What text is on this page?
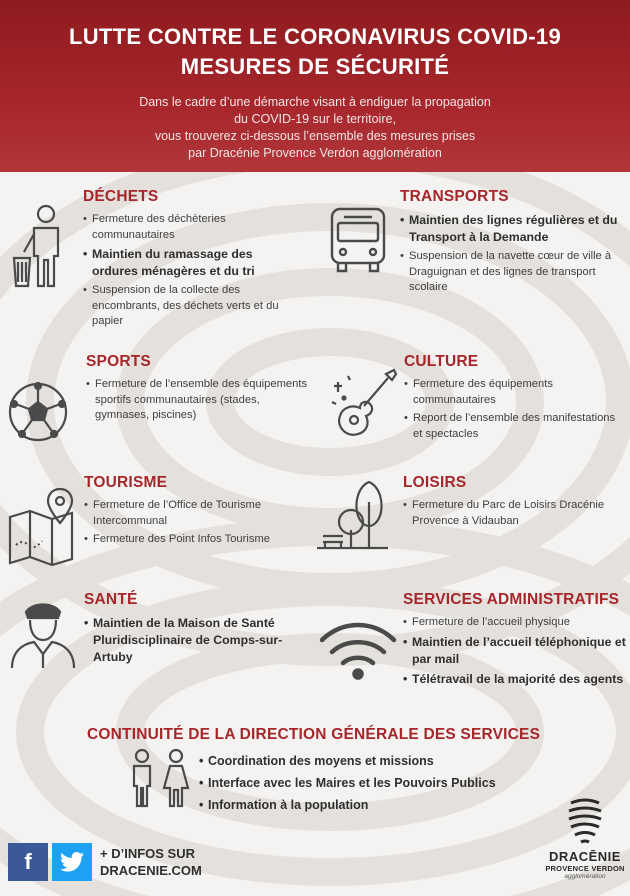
LUTTE CONTRE LE CORONAVIRUS COVID-19
MESURES DE SÉCURITÉ

Dans le cadre d’une démarche visant à endiguer la propagation
du COVID-19 sur le territoire,
vous trouverez ci-dessous l’ensemble des mesures prises
par Dracénie Provence Verdon agglomération

DÉCHETS
• Fermeture des déchèteries communautaires
• Maintien du ramassage des ordures ménagères et du tri
• Suspension de la collecte des encombrants, des déchets verts et du papier
TRANSPORTS
• Maintien des lignes régulières et du Transport à la Demande
• Suspension de la navette cœur de ville à Draguignan et des lignes de transport scolaire
SPORTS
• Fermeture de l’ensemble des équipements sportifs communautaires (stades, gymnases, piscines)
CULTURE
• Fermeture des équipements communautaires
• Report de l’ensemble des manifestations et spectacles
TOURISME
• Fermeture de l’Office de Tourisme Intercommunal
• Fermeture des Point Infos Tourisme
LOISIRS
• Fermeture du Parc de Loisirs Dracénie Provence à Vidauban
SANTÉ
• Maintien de la Maison de Santé Pluridisciplinaire de Comps-sur-Artuby
SERVICES ADMINISTRATIFS
• Fermeture de l’accueil physique
• Maintien de l’accueil téléphonique et par mail
• Télétravail de la majorité des agents
CONTINUITÉ DE LA DIRECTION GÉNÉRALE DES SERVICES
• Coordination des moyens et missions
• Interface avec les Maires et les Pouvoirs Publics
• Information à la population
f	+ D’INFOS SUR
DRACENIE.COM
DRACĒNIE
PROVENCE VERDON
agglomération
